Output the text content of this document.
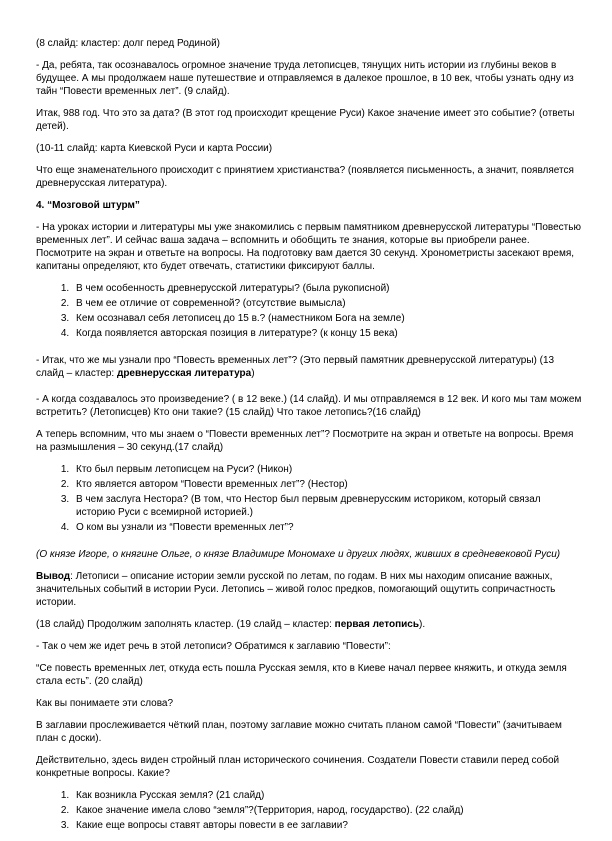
(8 слайд: кластер: долг перед Родиной)

- Да, ребята, так осознавалось огромное значение труда летописцев, тянущих нить истории из глубины веков в будущее. А мы продолжаем наше путешествие и отправляемся в далекое прошлое, в 10 век, чтобы узнать одну из тайн “Повести временных лет”. (9 слайд).

Итак, 988 год. Что это за дата? (В этот год происходит крещение Руси) Какое значение имеет это событие? (ответы детей).

(10-11 слайд: карта Киевской Руси и карта России)

Что еще знаменательного происходит с принятием христианства? (появляется письменность, а значит, появляется древнерусская литература).

4. “Мозговой штурм”

- На уроках истории и литературы мы уже знакомились с первым памятником древнерусской литературы “Повестью временных лет”. И сейчас ваша задача – вспомнить и обобщить те знания, которые вы приобрели ранее. Посмотрите на экран и ответьте на вопросы. На подготовку вам дается 30 секунд. Хронометристы засекают время, капитаны определяют, кто будет отвечать, статистики фиксируют баллы.

1. В чем особенность древнерусской литературы? (была рукописной)
2. В чем ее отличие от современной? (отсутствие вымысла)
3. Кем осознавал себя летописец до 15 в.? (наместником Бога на земле)
4. Когда появляется авторская позиция в литературе? (к концу 15 века)

- Итак, что же мы узнали про “Повесть временных лет”? (Это первый памятник древнерусской литературы) (13 слайд – кластер: древнерусская литература)

- А когда создавалось это произведение? ( в 12 веке.) (14 слайд). И мы отправляемся в 12 век. И кого мы там можем встретить? (Летописцев) Кто они такие? (15 слайд) Что такое летопись?(16 слайд)

А теперь вспомним, что мы знаем о “Повести временных лет”? Посмотрите на экран и ответьте на вопросы. Время на размышления – 30 секунд.(17 слайд)

1. Кто был первым летописцем на Руси? (Никон)
2. Кто является автором “Повести временных лет”? (Нестор)
3. В чем заслуга Нестора? (В том, что Нестор был первым древнерусским историком, который связал историю Руси с всемирной историей.)
4. О ком вы узнали из “Повести временных лет”?

(О князе Игоре, о княгине Ольге, о князе Владимире Мономахе и других людях, живших в средневековой Руси)

Вывод: Летописи – описание истории земли русской по летам, по годам. В них мы находим описание важных, значительных событий в истории Руси. Летопись – живой голос предков, помогающий ощутить сопричастность истории.

(18 слайд) Продолжим заполнять кластер. (19 слайд – кластер: первая летопись).

- Так о чем же идет речь в этой летописи? Обратимся к заглавию “Повести”:

“Се повесть временных лет, откуда есть пошла Русская земля, кто в Киеве начал первее княжить, и откуда земля стала есть”. (20 слайд)

Как вы понимаете эти слова?

В заглавии прослеживается чёткий план, поэтому заглавие можно считать планом самой “Повести” (зачитываем план с доски).

Действительно, здесь виден стройный план исторического сочинения. Создатели Повести ставили перед собой конкретные вопросы. Какие?

1. Как возникла Русская земля? (21 слайд)
2. Какое значение имела слово “земля”?(Территория, народ, государство). (22 слайд)
3. Какие еще вопросы ставят авторы повести в ее заглавии?
